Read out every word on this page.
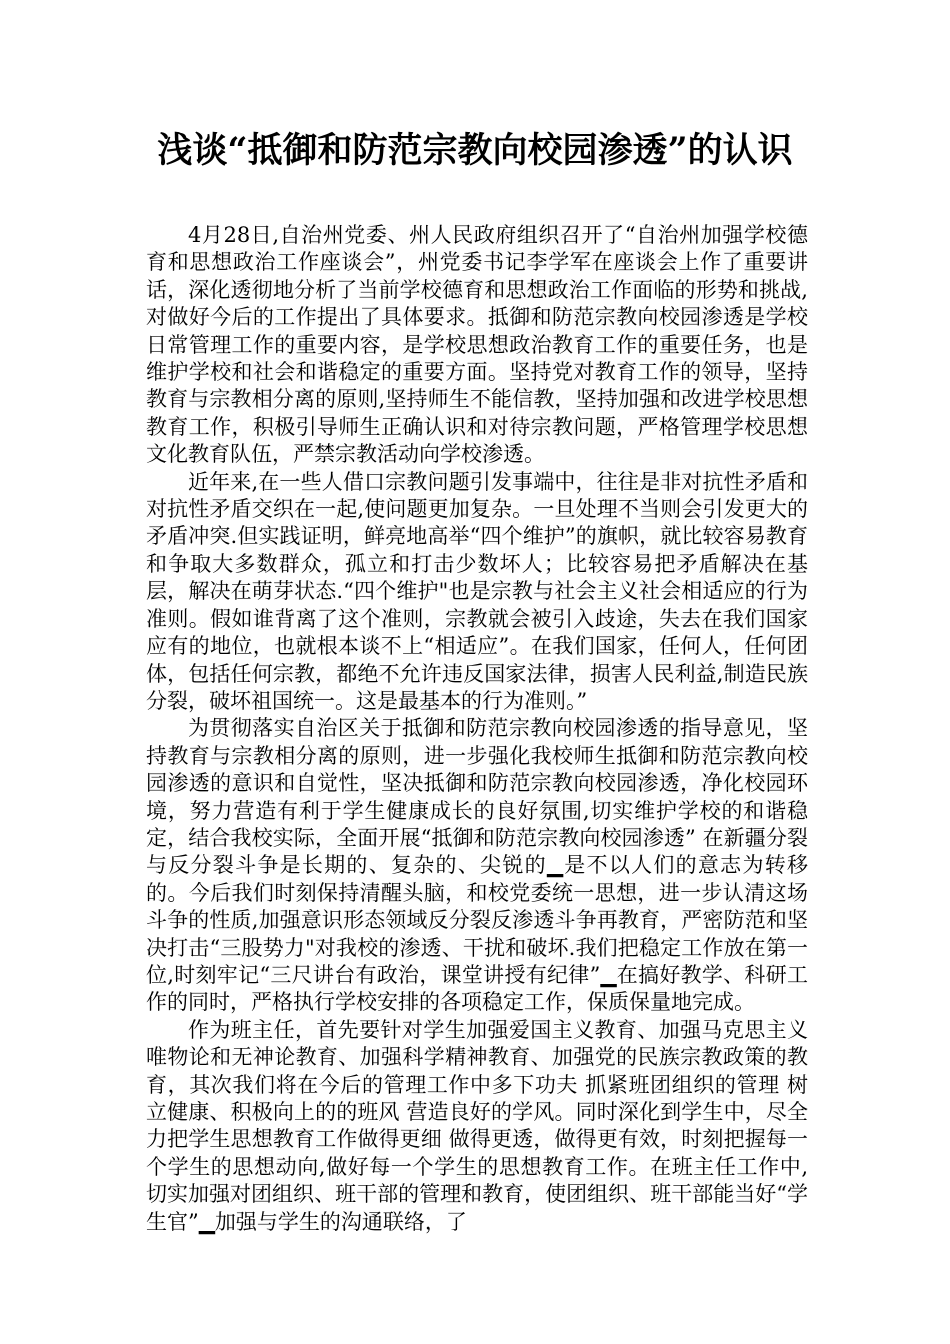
浅谈“抵御和防范宗教向校园渗透”的认识

4月28日,自治州党委、州人民政府组织召开了“自治州加强学校德育和思想政治工作座谈会”，州党委书记李学军在座谈会上作了重要讲话，深化透彻地分析了当前学校德育和思想政治工作面临的形势和挑战,对做好今后的工作提出了具体要求。抵御和防范宗教向校园渗透是学校日常管理工作的重要内容，是学校思想政治教育工作的重要任务，也是维护学校和社会和谐稳定的重要方面。坚持党对教育工作的领导，坚持教育与宗教相分离的原则,坚持师生不能信教，坚持加强和改进学校思想教育工作，积极引导师生正确认识和对待宗教问题，严格管理学校思想文化教育队伍，严禁宗教活动向学校渗透。

近年来,在一些人借口宗教问题引发事端中，往往是非对抗性矛盾和对抗性矛盾交织在一起,使问题更加复杂。一旦处理不当则会引发更大的矛盾冲突.但实践证明，鲜亮地高举“四个维护”的旗帜，就比较容易教育和争取大多数群众，孤立和打击少数坏人；比较容易把矛盾解决在基层，解决在萌芽状态.“四个维护"也是宗教与社会主义社会相适应的行为准则。假如谁背离了这个准则，宗教就会被引入歧途，失去在我们国家应有的地位，也就根本谈不上“相适应”。在我们国家，任何人，任何团体，包括任何宗教，都绝不允许违反国家法律，损害人民利益,制造民族分裂，破坏祖国统一。这是最基本的行为准则。”

为贯彻落实自治区关于抵御和防范宗教向校园渗透的指导意见，坚持教育与宗教相分离的原则，进一步强化我校师生抵御和防范宗教向校园渗透的意识和自觉性，坚决抵御和防范宗教向校园渗透，净化校园环境，努力营造有利于学生健康成长的良好氛围,切实维护学校的和谐稳定，结合我校实际，全面开展“抵御和防范宗教向校园渗透” 在新疆分裂与反分裂斗争是长期的、复杂的、尖锐的▁是不以人们的意志为转移的。今后我们时刻保持清醒头脑，和校党委统一思想，进一步认清这场斗争的性质,加强意识形态领域反分裂反渗透斗争再教育，严密防范和坚决打击“三股势力"对我校的渗透、干扰和破坏.我们把稳定工作放在第一位,时刻牢记“三尺讲台有政治，课堂讲授有纪律”▁在搞好教学、科研工作的同时，严格执行学校安排的各项稳定工作，保质保量地完成。

作为班主任，首先要针对学生加强爱国主义教育、加强马克思主义唯物论和无神论教育、加强科学精神教育、加强党的民族宗教政策的教育，其次我们将在今后的管理工作中多下功夫 抓紧班团组织的管理 树立健康、积极向上的的班风 营造良好的学风。同时深化到学生中，尽全力把学生思想教育工作做得更细 做得更透，做得更有效，时刻把握每一个学生的思想动向,做好每一个学生的思想教育工作。在班主任工作中,切实加强对团组织、班干部的管理和教育，使团组织、班干部能当好“学生官”▁加强与学生的沟通联络，了
